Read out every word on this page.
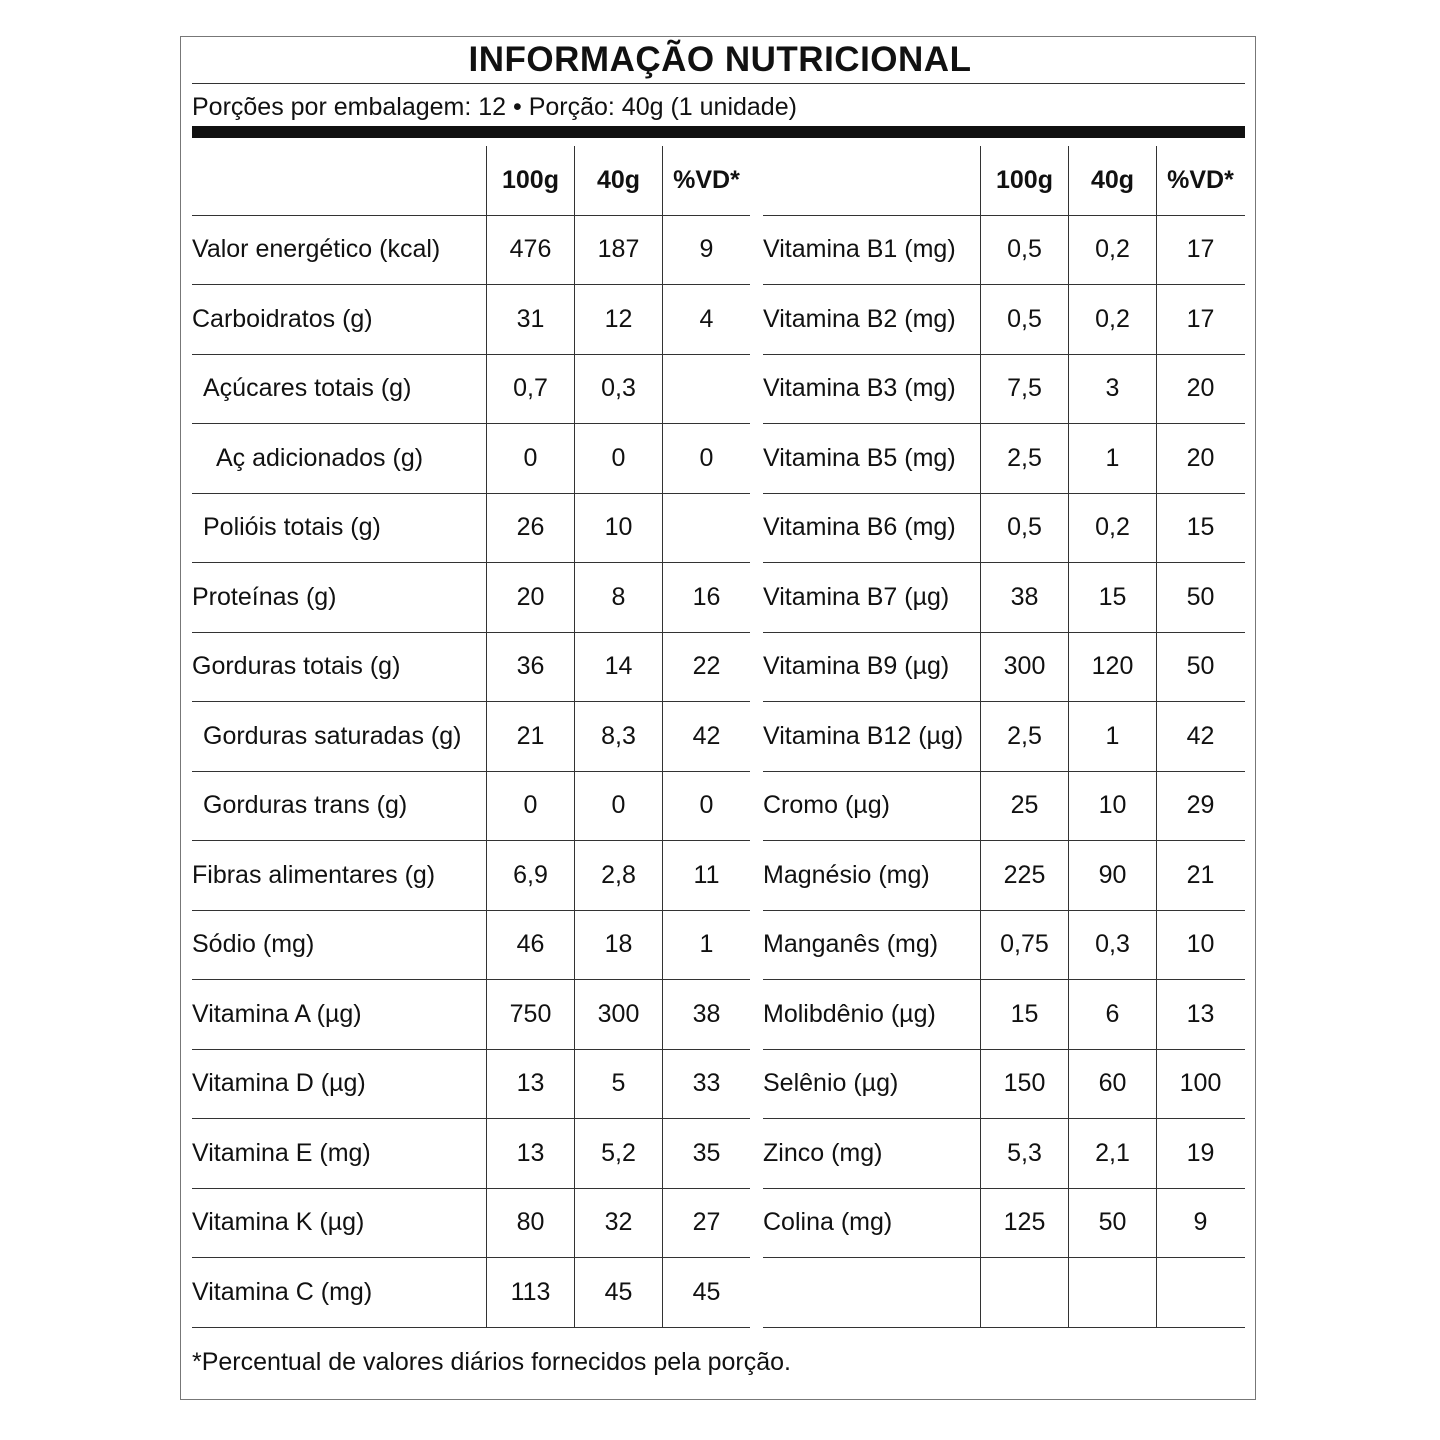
INFORMAÇÃO NUTRICIONAL
Porções por embalagem: 12 • Porção: 40g (1 unidade)
100g	40g	%VD*
Valor energético (kcal)	476	187	9
Carboidratos (g)	31	12	4
Açúcares totais (g)	0,7	0,3
Aç adicionados (g)	0	0	0
Polióis totais (g)	26	10
Proteínas (g)	20	8	16
Gorduras totais (g)	36	14	22
Gorduras saturadas (g)	21	8,3	42
Gorduras trans (g)	0	0	0
Fibras alimentares (g)	6,9	2,8	11
Sódio (mg)	46	18	1
Vitamina A (µg)	750	300	38
Vitamina D (µg)	13	5	33
Vitamina E (mg)	13	5,2	35
Vitamina K (µg)	80	32	27
Vitamina C (mg)	113	45	45
100g	40g	%VD*
Vitamina B1 (mg)	0,5	0,2	17
Vitamina B2 (mg)	0,5	0,2	17
Vitamina B3 (mg)	7,5	3	20
Vitamina B5 (mg)	2,5	1	20
Vitamina B6 (mg)	0,5	0,2	15
Vitamina B7 (µg)	38	15	50
Vitamina B9 (µg)	300	120	50
Vitamina B12 (µg)	2,5	1	42
Cromo (µg)	25	10	29
Magnésio (mg)	225	90	21
Manganês (mg)	0,75	0,3	10
Molibdênio (µg)	15	6	13
Selênio (µg)	150	60	100
Zinco (mg)	5,3	2,1	19
Colina (mg)	125	50	9
*Percentual de valores diários fornecidos pela porção.
